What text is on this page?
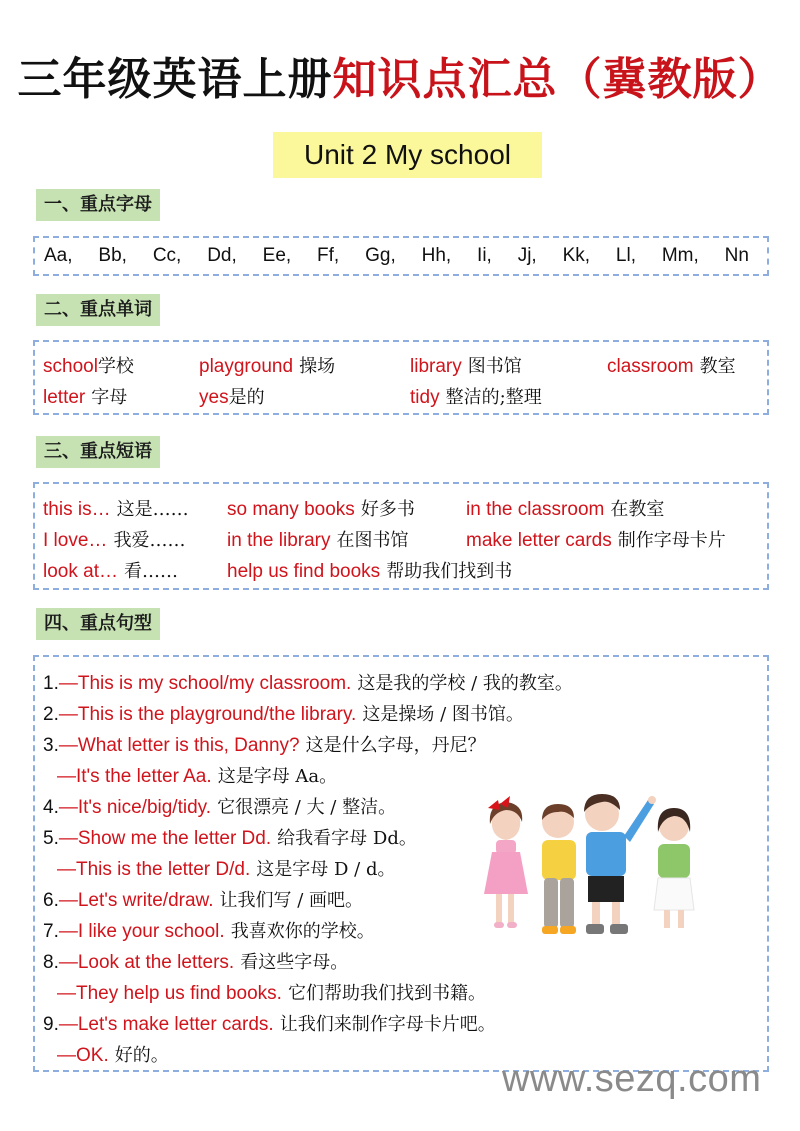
三年级英语上册知识点汇总（冀教版）
Unit 2 My school
一、重点字母
Aa, Bb, Cc, Dd, Ee, Ff, Gg, Hh, Ii, Jj, Kk, Ll, Mm, Nn
二、重点单词
school学校	playground 操场	library 图书馆	classroom 教室
letter 字母	yes是的	tidy 整洁的;整理
三、重点短语
this is… 这是…… so many books 好多书	in the classroom 在教室
I love… 我爱…… in the library 在图书馆	make letter cards 制作字母卡片
look at… 看……	help us find books 帮助我们找到书
四、重点句型
1.—This is my school/my classroom. 这是我的学校 / 我的教室。
2.—This is the playground/the library. 这是操场 / 图书馆。
3.—What letter is this, Danny? 这是什么字母，丹尼？
—It's the letter Aa. 这是字母 Aa。
4.—It's nice/big/tidy. 它很漂亮 / 大 / 整洁。
5.—Show me the letter Dd. 给我看字母 Dd。
—This is the letter D/d. 这是字母 D / d。
6.—Let's write/draw. 让我们写 / 画吧。
7.—I like your school. 我喜欢你的学校。
8.—Look at the letters. 看这些字母。
—They help us find books. 它们帮助我们找到书籍。
9.—Let's make letter cards. 让我们来制作字母卡片吧。
—OK. 好的。
www.sezq.com
